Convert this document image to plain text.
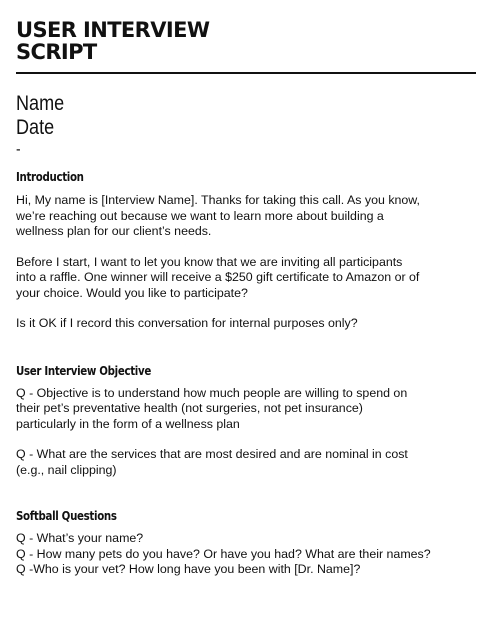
USER INTERVIEW
SCRIPT
Name
Date
-
Introduction

Hi, My name is [Interview Name]. Thanks for taking this call. As you know, we’re reaching out because we want to learn more about building a wellness plan for our client’s needs.

Before I start, I want to let you know that we are inviting all participants into a raffle. One winner will receive a $250 gift certificate to Amazon or of your choice. Would you like to participate?

Is it OK if I record this conversation for internal purposes only?

User Interview Objective

Q - Objective is to understand how much people are willing to spend on their pet’s preventative health (not surgeries, not pet insurance) particularly in the form of a wellness plan

Q - What are the services that are most desired and are nominal in cost (e.g., nail clipping)

Softball Questions
Q - What’s your name?
Q - How many pets do you have? Or have you had? What are their names?
Q -Who is your vet? How long have you been with [Dr. Name]?
